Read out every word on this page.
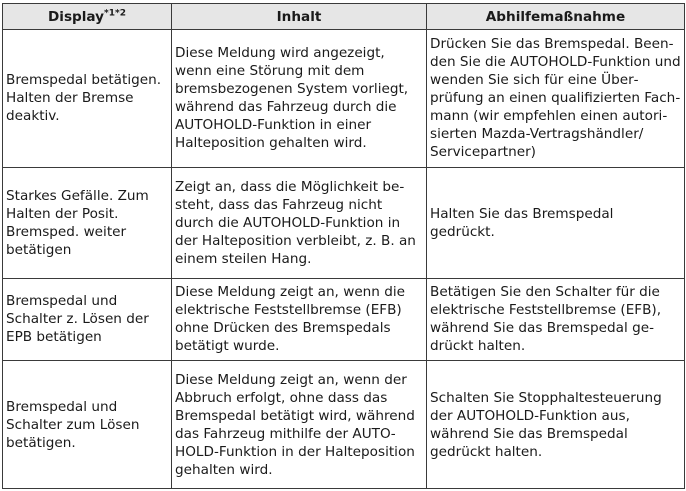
Display$^{*1*2}$	Inhalt	Abhilfemaßnahme
Bremspedal betätigen. Halten der Bremse deaktiv.	Diese Meldung wird angezeigt, wenn eine Störung mit dem bremsbezogenen System vorliegt, während das Fahrzeug durch die AUTOHOLD-Funktion in einer Halteposition gehalten wird.	Drücken Sie das Bremspedal. Beenden Sie die AUTOHOLD-Funktion und wenden Sie sich für eine Überprüfung an einen qualifizierten Fachmann (wir empfehlen einen autorisierten Mazda-Vertragshändler/ Servicepartner)
Starkes Gefälle. Zum Halten der Posit. Bremsped. weiter betätigen	Zeigt an, dass die Möglichkeit besteht, dass das Fahrzeug nicht durch die AUTOHOLD-Funktion in der Halteposition verbleibt, z. B. an einem steilen Hang.	Halten Sie das Bremspedal gedrückt.
Bremspedal und Schalter z. Lösen der EPB betätigen	Diese Meldung zeigt an, wenn die elektrische Feststellbremse (EFB) ohne Drücken des Bremspedals betätigt wurde.	Betätigen Sie den Schalter für die elektrische Feststellbremse (EFB), während Sie das Bremspedal gedrückt halten.
Bremspedal und Schalter zum Lösen betätigen.	Diese Meldung zeigt an, wenn der Abbruch erfolgt, ohne dass das Bremspedal betätigt wird, während das Fahrzeug mithilfe der AUTOHOLD-Funktion in der Halteposition gehalten wird.	Schalten Sie Stopphaltesteuerung der AUTOHOLD-Funktion aus, während Sie das Bremspedal gedrückt halten.
